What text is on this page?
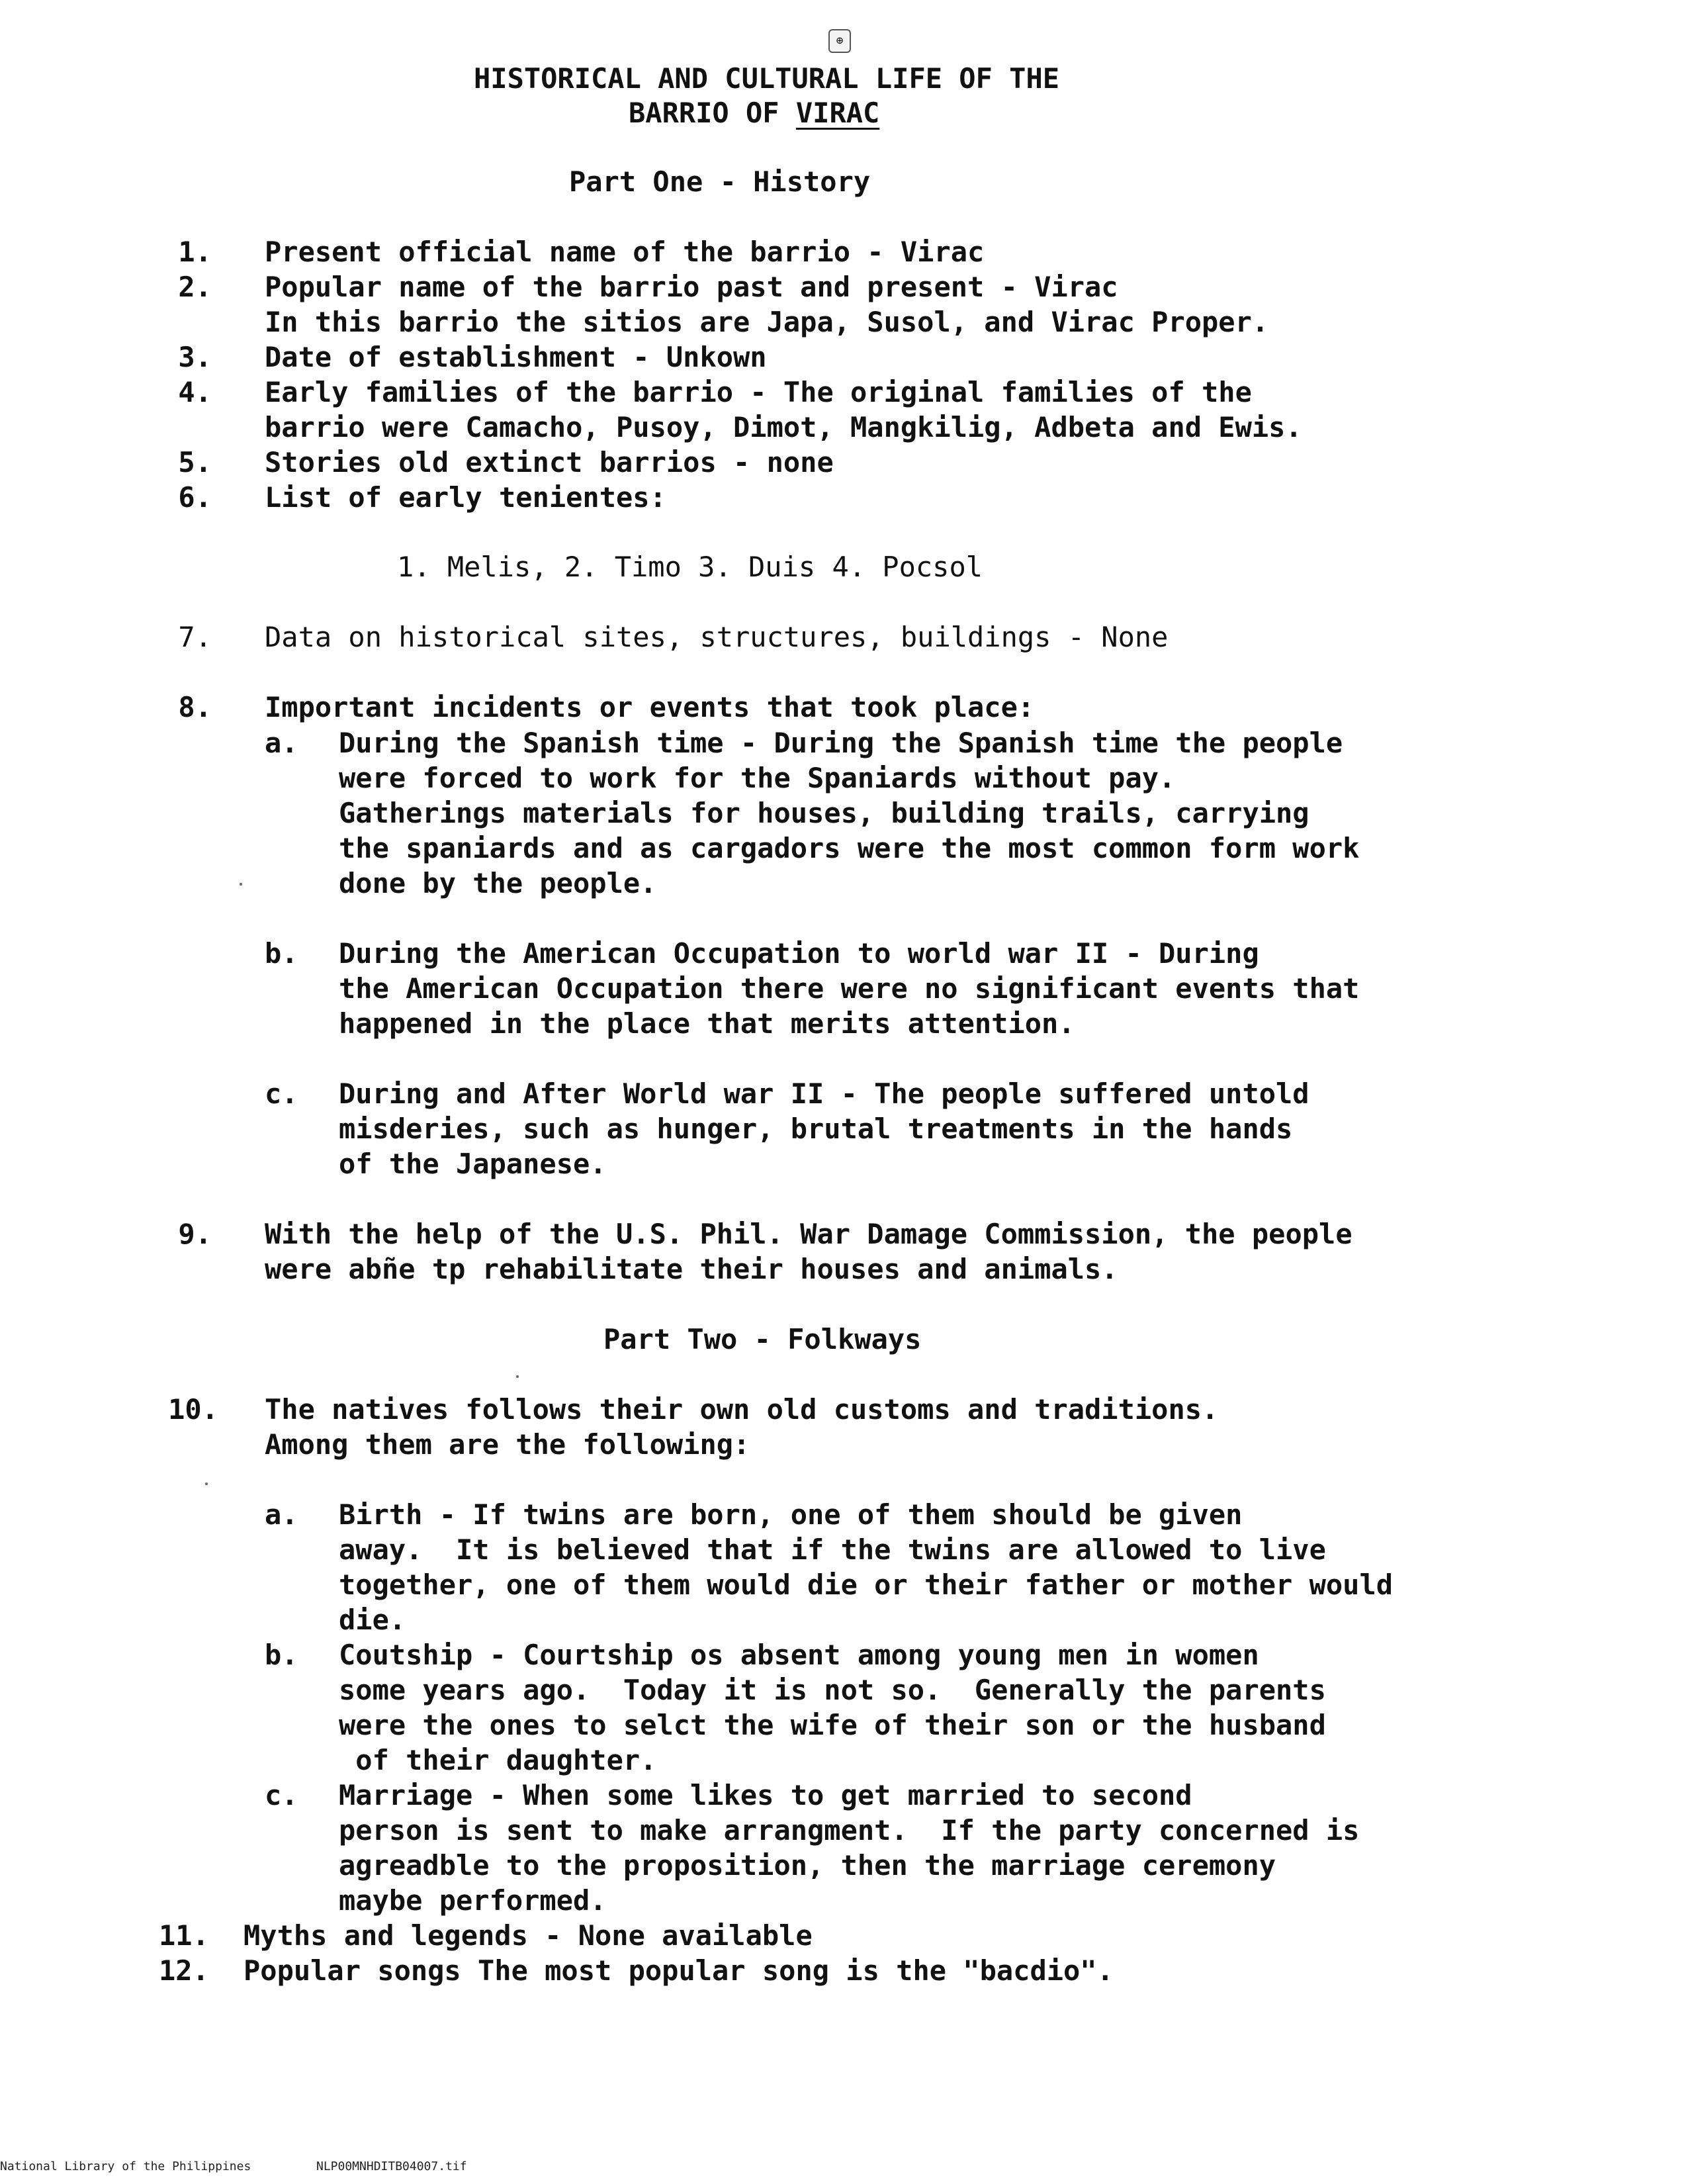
⊕
HISTORICAL AND CULTURAL LIFE OF THE
BARRIO OF VIRAC
Part One - History
1. Present official name of the barrio - Virac
2. Popular name of the barrio past and present - Virac
In this barrio the sitios are Japa, Susol, and Virac Proper.
3. Date of establishment - Unkown
4. Early families of the barrio - The original families of the
barrio were Camacho, Pusoy, Dimot, Mangkilig, Adbeta and Ewis.
5. Stories old extinct barrios - none
6. List of early tenientes:
1. Melis, 2. Timo 3. Duis 4. Pocsol
7. Data on historical sites, structures, buildings - None
8. Important incidents or events that took place:
a. During the Spanish time - During the Spanish time the people
were forced to work for the Spaniards without pay.
Gatherings materials for houses, building trails, carrying
the spaniards and as cargadors were the most common form work
done by the people.
b. During the American Occupation to world war II - During
the American Occupation there were no significant events that
happened in the place that merits attention.
c. During and After World war II - The people suffered untold
misderies, such as hunger, brutal treatments in the hands
of the Japanese.
9. With the help of the U.S. Phil. War Damage Commission, the people
were abñe tp rehabilitate their houses and animals.
Part Two - Folkways
10. The natives follows their own old customs and traditions.
Among them are the following:
a. Birth - If twins are born, one of them should be given
away.  It is believed that if the twins are allowed to live
together, one of them would die or their father or mother would
die.
b. Coutship - Courtship os absent among young men in women
some years ago.  Today it is not so.  Generally the parents
were the ones to selct the wife of their son or the husband
of their daughter.
c. Marriage - When some likes to get married to second
person is sent to make arrangment.  If the party concerned is
agreadble to the proposition, then the marriage ceremony
maybe performed.
11. Myths and legends - None available
12. Popular songs The most popular song is the "bacdio".
National Library of the Philippines	NLP00MNHDITB04007.tif
